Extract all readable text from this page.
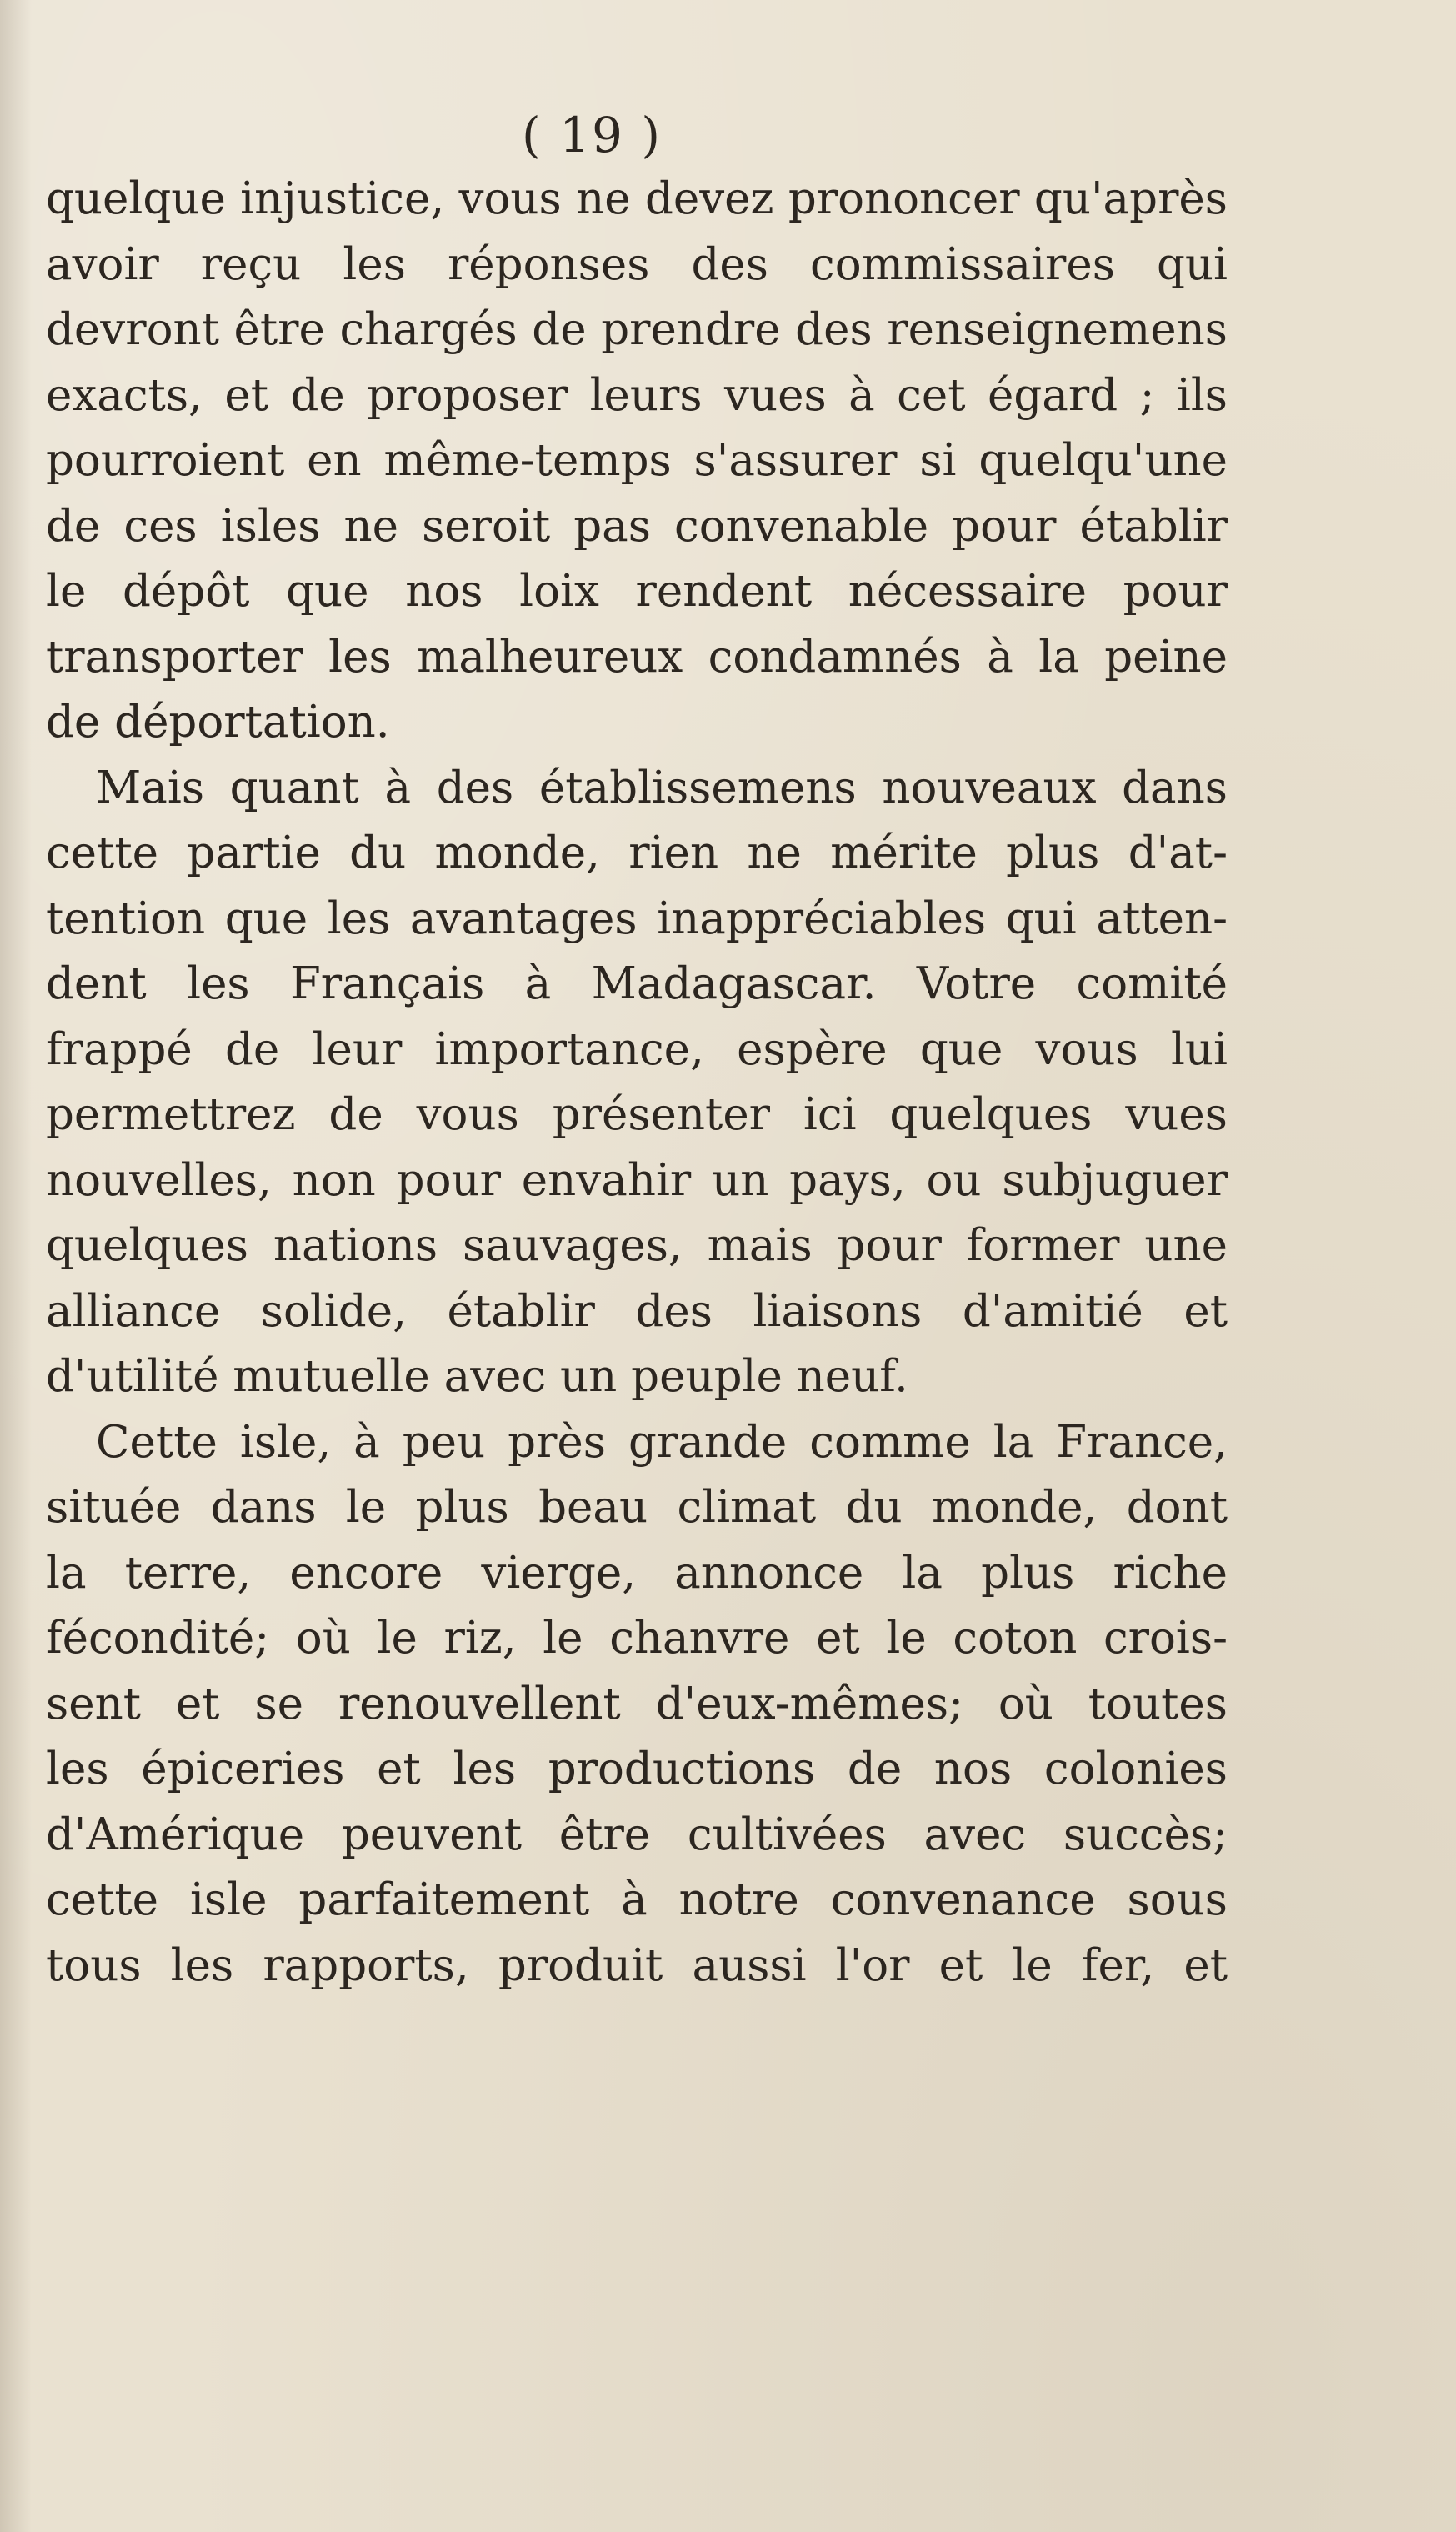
( 19 )
quelque injustice, vous ne devez prononcer qu'après
avoir reçu les réponses des commissaires qui
devront être chargés de prendre des renseignemens
exacts, et de proposer leurs vues à cet égard ; ils
pourroient en même-temps s'assurer si quelqu'une
de ces isles ne seroit pas convenable pour établir
le dépôt que nos loix rendent nécessaire pour
transporter les malheureux condamnés à la peine
de déportation.
Mais quant à des établissemens nouveaux dans
cette partie du monde, rien ne mérite plus d'at-
tention que les avantages inappréciables qui atten-
dent les Français à Madagascar. Votre comité
frappé de leur importance, espère que vous lui
permettrez de vous présenter ici quelques vues
nouvelles, non pour envahir un pays, ou subjuguer
quelques nations sauvages, mais pour former une
alliance solide, établir des liaisons d'amitié et
d'utilité mutuelle avec un peuple neuf.
Cette isle, à peu près grande comme la France,
située dans le plus beau climat du monde, dont
la terre, encore vierge, annonce la plus riche
fécondité; où le riz, le chanvre et le coton crois-
sent et se renouvellent d'eux-mêmes; où toutes
les épiceries et les productions de nos colonies
d'Amérique peuvent être cultivées avec succès;
cette isle parfaitement à notre convenance sous
tous les rapports, produit aussi l'or et le fer, et
